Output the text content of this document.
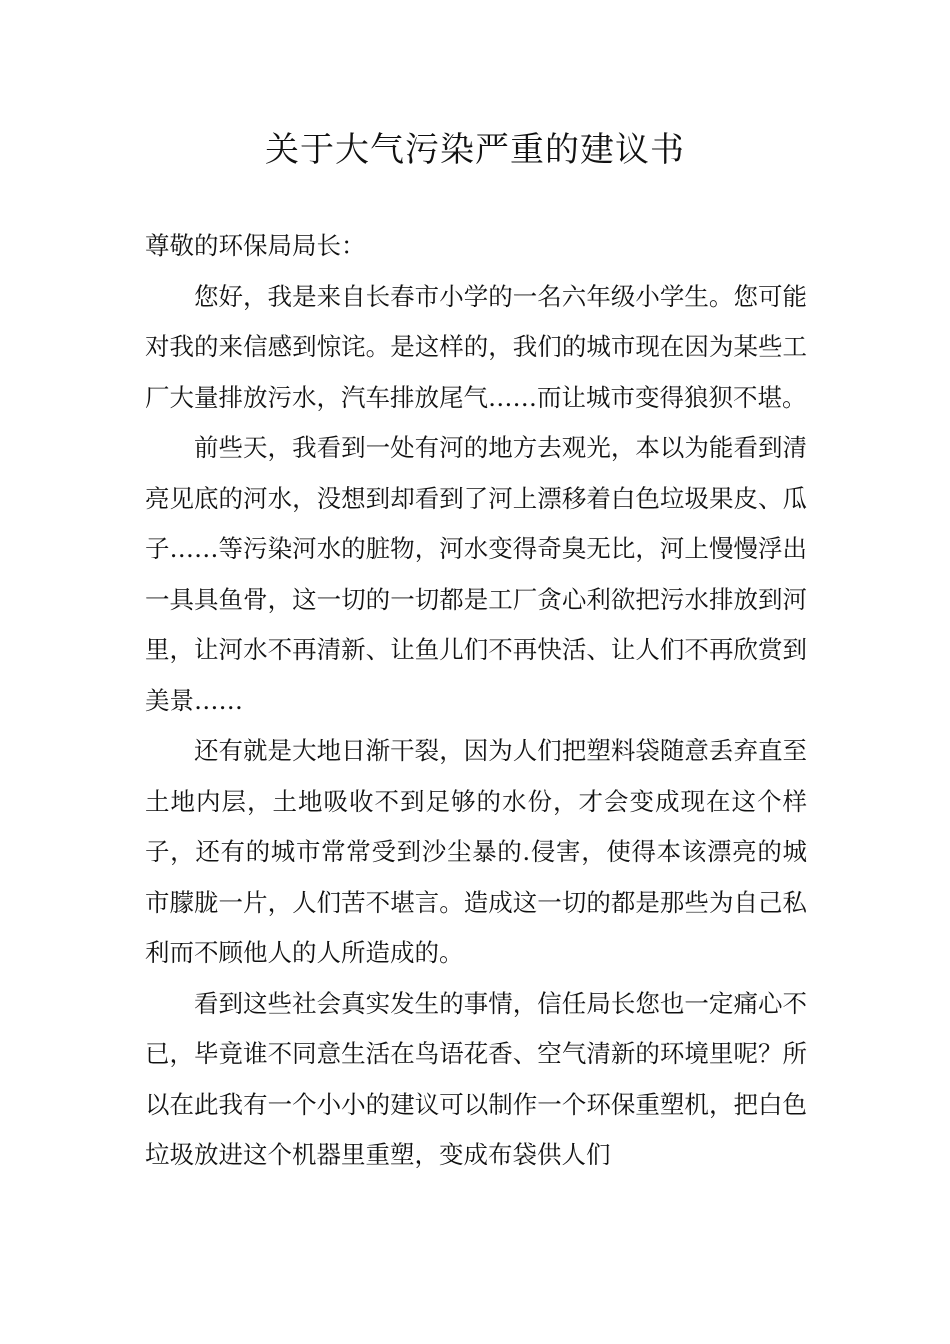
关于大气污染严重的建议书

尊敬的环保局局长：

您好，我是来自长春市小学的一名六年级小学生。您可能对我的来信感到惊诧。是这样的，我们的城市现在因为某些工厂大量排放污水，汽车排放尾气……而让城市变得狼狈不堪。

前些天，我看到一处有河的地方去观光，本以为能看到清亮见底的河水，没想到却看到了河上漂移着白色垃圾果皮、瓜子……等污染河水的脏物，河水变得奇臭无比，河上慢慢浮出一具具鱼骨，这一切的一切都是工厂贪心利欲把污水排放到河里，让河水不再清新、让鱼儿们不再快活、让人们不再欣赏到美景……

还有就是大地日渐干裂，因为人们把塑料袋随意丢弃直至土地内层，土地吸收不到足够的水份，才会变成现在这个样子，还有的城市常常受到沙尘暴的.侵害，使得本该漂亮的城市朦胧一片，人们苦不堪言。造成这一切的都是那些为自己私利而不顾他人的人所造成的。

看到这些社会真实发生的事情，信任局长您也一定痛心不已，毕竟谁不同意生活在鸟语花香、空气清新的环境里呢？所以在此我有一个小小的建议可以制作一个环保重塑机，把白色垃圾放进这个机器里重塑，变成布袋供人们
